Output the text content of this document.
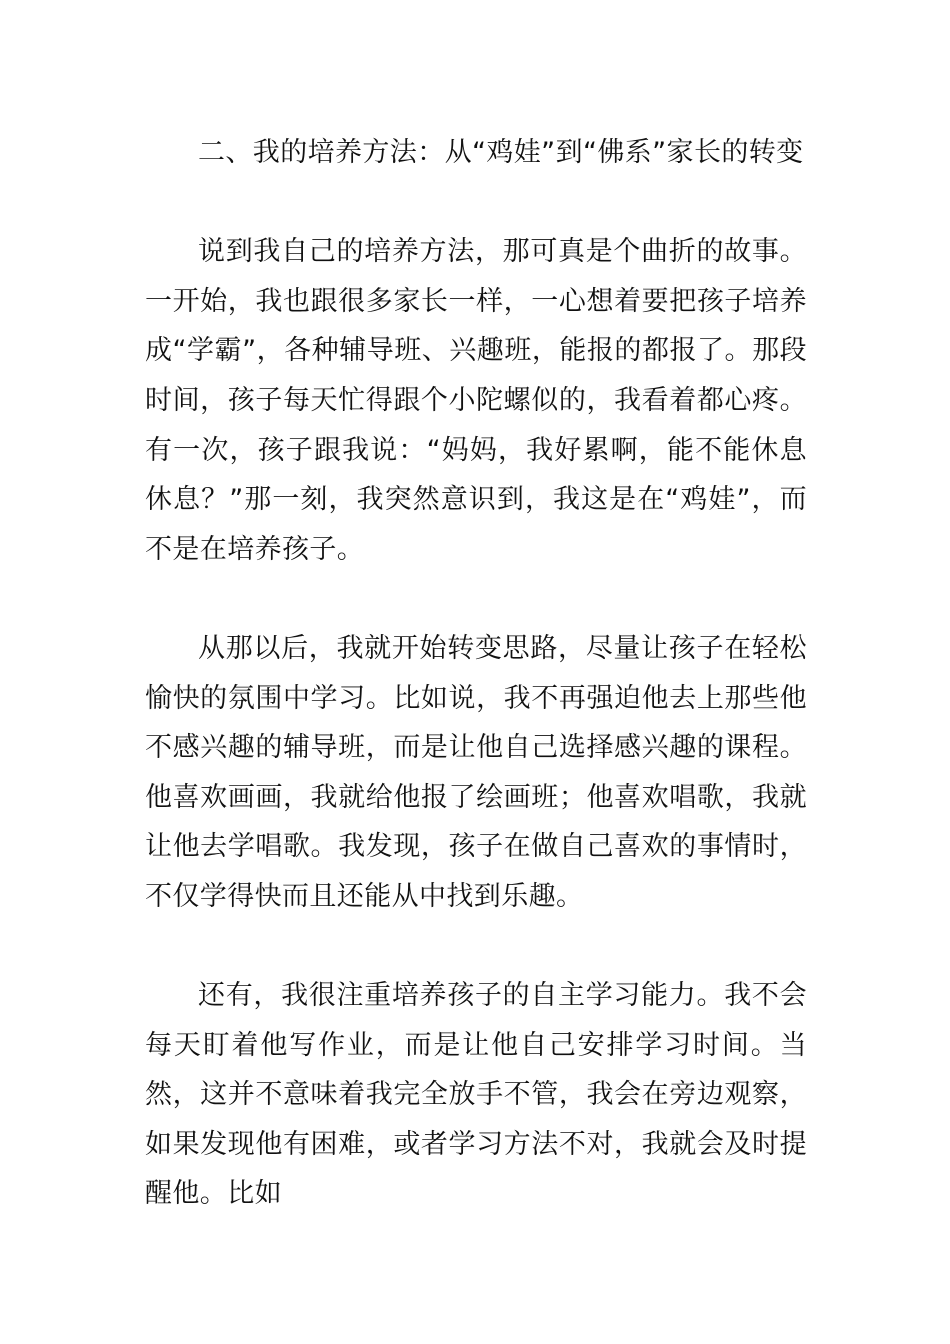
二、我的培养方法：从“鸡娃”到“佛系”家长的转变

说到我自己的培养方法，那可真是个曲折的故事。一开始，我也跟很多家长一样，一心想着要把孩子培养成“学霸”，各种辅导班、兴趣班，能报的都报了。那段时间，孩子每天忙得跟个小陀螺似的，我看着都心疼。有一次，孩子跟我说：“妈妈，我好累啊，能不能休息休息？”那一刻，我突然意识到，我这是在“鸡娃”，而不是在培养孩子。

从那以后，我就开始转变思路，尽量让孩子在轻松愉快的氛围中学习。比如说，我不再强迫他去上那些他不感兴趣的辅导班，而是让他自己选择感兴趣的课程。他喜欢画画，我就给他报了绘画班；他喜欢唱歌，我就让他去学唱歌。我发现，孩子在做自己喜欢的事情时，不仅学得快而且还能从中找到乐趣。

还有，我很注重培养孩子的自主学习能力。我不会每天盯着他写作业，而是让他自己安排学习时间。当然，这并不意味着我完全放手不管，我会在旁边观察，如果发现他有困难，或者学习方法不对，我就会及时提醒他。比如
